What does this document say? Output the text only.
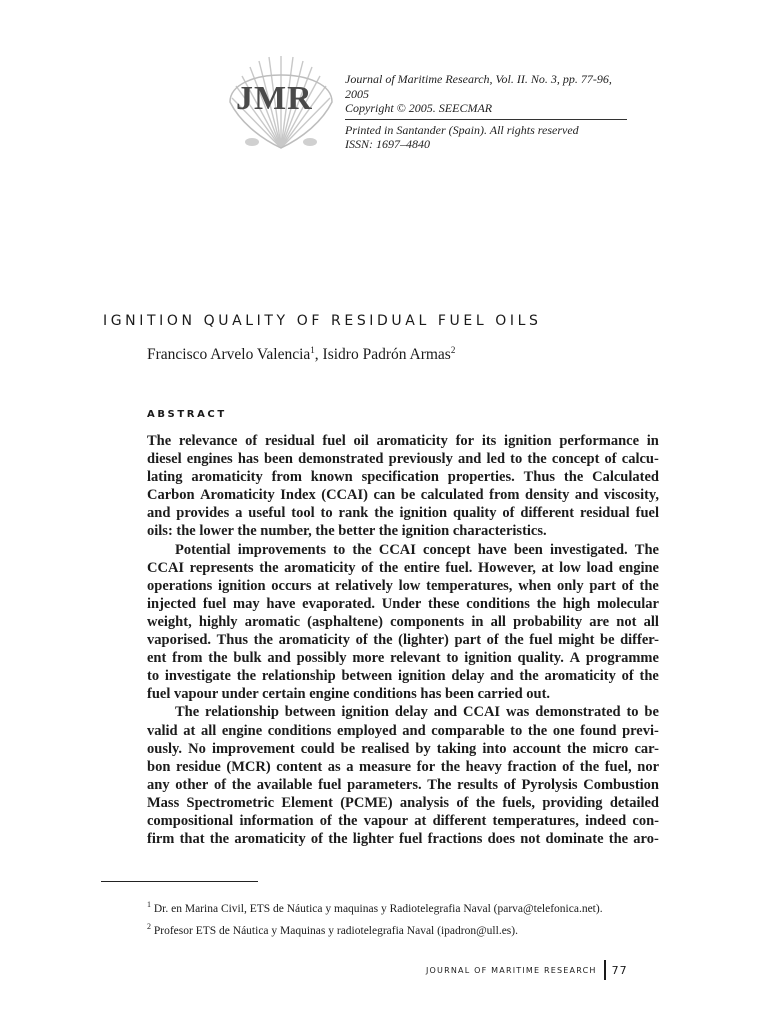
JMR
Journal of Maritime Research, Vol. II. No. 3, pp. 77-96, 2005
Copyright © 2005. SEECMAR
Printed in Santander (Spain). All rights reserved
ISSN: 1697–4840
IGNITION QUALITY OF RESIDUAL FUEL OILS
Francisco Arvelo Valencia$^1$, Isidro Padrón Armas$^2$
ABSTRACT
The relevance of residual fuel oil aromaticity for its ignition performance in
diesel engines has been demonstrated previously and led to the concept of calcu-
lating aromaticity from known specification properties. Thus the Calculated
Carbon Aromaticity Index (CCAI) can be calculated from density and viscosity,
and provides a useful tool to rank the ignition quality of different residual fuel
oils: the lower the number, the better the ignition characteristics.
Potential improvements to the CCAI concept have been investigated. The
CCAI represents the aromaticity of the entire fuel. However, at low load engine
operations ignition occurs at relatively low temperatures, when only part of the
injected fuel may have evaporated. Under these conditions the high molecular
weight, highly aromatic (asphaltene) components in all probability are not all
vaporised. Thus the aromaticity of the (lighter) part of the fuel might be differ-
ent from the bulk and possibly more relevant to ignition quality. A programme
to investigate the relationship between ignition delay and the aromaticity of the
fuel vapour under certain engine conditions has been carried out.
The relationship between ignition delay and CCAI was demonstrated to be
valid at all engine conditions employed and comparable to the one found previ-
ously. No improvement could be realised by taking into account the micro car-
bon residue (MCR) content as a measure for the heavy fraction of the fuel, nor
any other of the available fuel parameters. The results of Pyrolysis Combustion
Mass Spectrometric Element (PCME) analysis of the fuels, providing detailed
compositional information of the vapour at different temperatures, indeed con-
firm that the aromaticity of the lighter fuel fractions does not dominate the aro-
$^1$ Dr. en Marina Civil, ETS de Náutica y maquinas y Radiotelegrafia Naval (parva@telefonica.net).
$^2$ Profesor ETS de Náutica y Maquinas y radiotelegrafia Naval (ipadron@ull.es).
JOURNAL OF MARITIME RESEARCH 77
